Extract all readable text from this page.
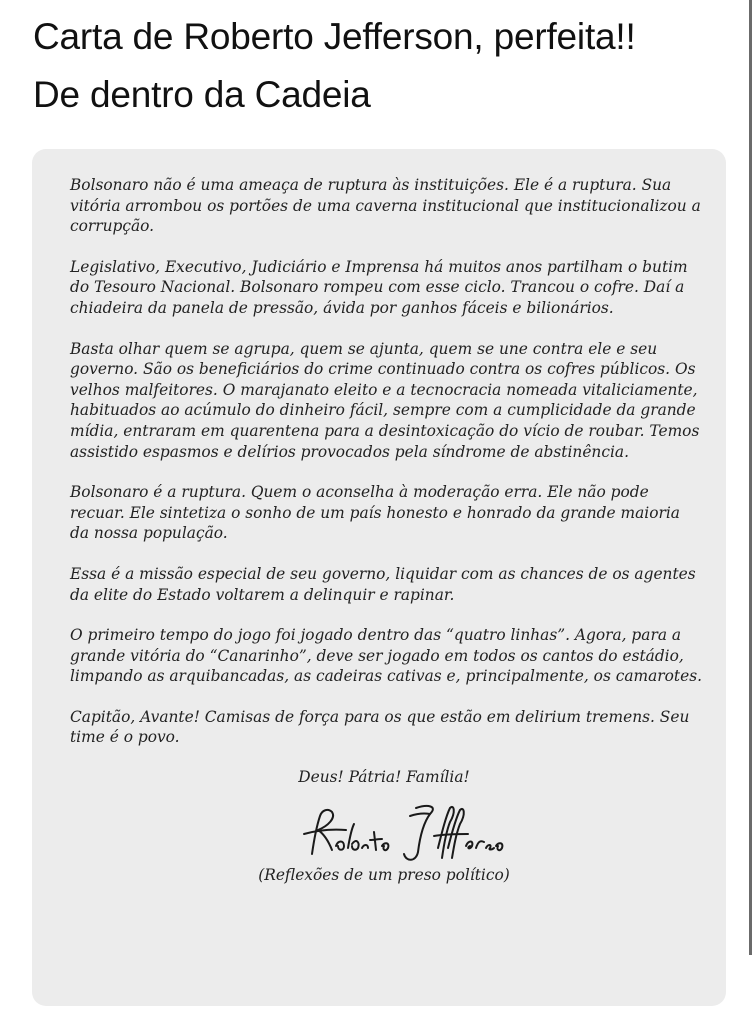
Carta de Roberto Jefferson, perfeita!!
De dentro da Cadeia

Bolsonaro não é uma ameaça de ruptura às instituições. Ele é a ruptura. Sua vitória arrombou os portões de uma caverna institucional que institucionalizou a corrupção.

Legislativo, Executivo, Judiciário e Imprensa há muitos anos partilham o butim do Tesouro Nacional. Bolsonaro rompeu com esse ciclo. Trancou o cofre. Daí a chiadeira da panela de pressão, ávida por ganhos fáceis e bilionários.

Basta olhar quem se agrupa, quem se ajunta, quem se une contra ele e seu governo. São os beneficiários do crime continuado contra os cofres públicos. Os velhos malfeitores. O marajanato eleito e a tecnocracia nomeada vitaliciamente, habituados ao acúmulo do dinheiro fácil, sempre com a cumplicidade da grande mídia, entraram em quarentena para a desintoxicação do vício de roubar. Temos assistido espasmos e delírios provocados pela síndrome de abstinência.

Bolsonaro é a ruptura. Quem o aconselha à moderação erra. Ele não pode recuar. Ele sintetiza o sonho de um país honesto e honrado da grande maioria da nossa população.

Essa é a missão especial de seu governo, liquidar com as chances de os agentes da elite do Estado voltarem a delinquir e rapinar.

O primeiro tempo do jogo foi jogado dentro das “quatro linhas”. Agora, para a grande vitória do “Canarinho”, deve ser jogado em todos os cantos do estádio, limpando as arquibancadas, as cadeiras cativas e, principalmente, os camarotes.

Capitão, Avante! Camisas de força para os que estão em delirium tremens. Seu time é o povo.

Deus! Pátria! Família!
(Reflexões de um preso político)
